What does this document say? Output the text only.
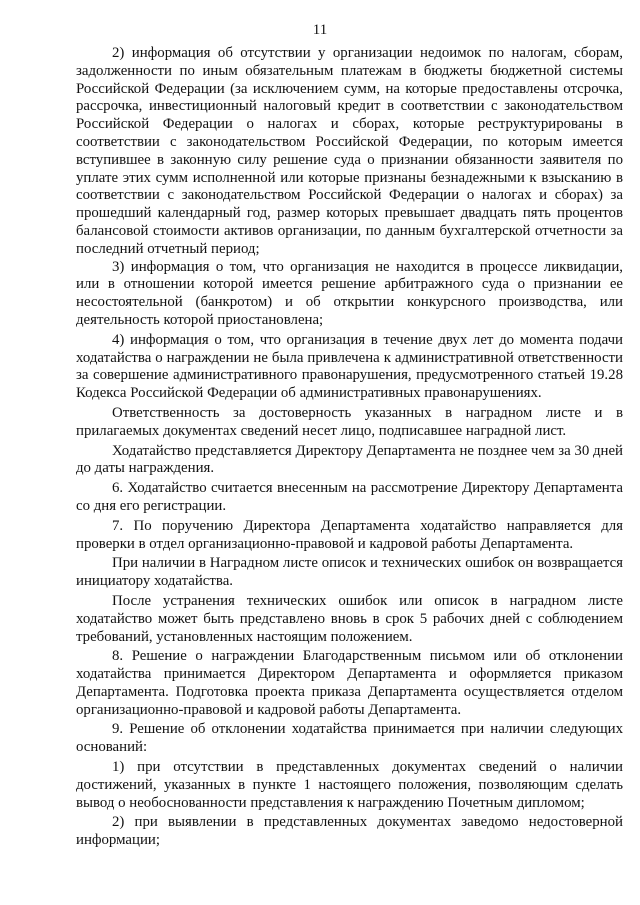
11

2) информация об отсутствии у организации недоимок по налогам, сборам, задолженности по иным обязательным платежам в бюджеты бюджетной системы Российской Федерации (за исключением сумм, на которые предоставлены отсрочка, рассрочка, инвестиционный налоговый кредит в соответствии с законодательством Российской Федерации о налогах и сборах, которые реструктурированы в соответствии с законодательством Российской Федерации, по которым имеется вступившее в законную силу решение суда о признании обязанности заявителя по уплате этих сумм исполненной или которые признаны безнадежными к взысканию в соответствии с законодательством Российской Федерации о налогах и сборах) за прошедший календарный год, размер которых превышает двадцать пять процентов балансовой стоимости активов организации, по данным бухгалтерской отчетности за последний отчетный период;

3) информация о том, что организация не находится в процессе ликвидации, или в отношении которой имеется решение арбитражного суда о признании ее несостоятельной (банкротом) и об открытии конкурсного производства, или деятельность которой приостановлена;

4) информация о том, что организация в течение двух лет до момента подачи ходатайства о награждении не была привлечена к административной ответственности за совершение административного правонарушения, предусмотренного статьей 19.28 Кодекса Российской Федерации об административных правонарушениях.

Ответственность за достоверность указанных в наградном листе и в прилагаемых документах сведений несет лицо, подписавшее наградной лист.

Ходатайство представляется Директору Департамента не позднее чем за 30 дней до даты награждения.

6. Ходатайство считается внесенным на рассмотрение Директору Департамента со дня его регистрации.

7. По поручению Директора Департамента ходатайство направляется для проверки в отдел организационно-правовой и кадровой работы Департамента.

При наличии в Наградном листе описок и технических ошибок он возвращается инициатору ходатайства.

После устранения технических ошибок или описок в наградном листе ходатайство может быть представлено вновь в срок 5 рабочих дней с соблюдением требований, установленных настоящим положением.

8. Решение о награждении Благодарственным письмом или об отклонении ходатайства принимается Директором Департамента и оформляется приказом Департамента. Подготовка проекта приказа Департамента осуществляется отделом организационно-правовой и кадровой работы Департамента.

9. Решение об отклонении ходатайства принимается при наличии следующих оснований:

1) при отсутствии в представленных документах сведений о наличии достижений, указанных в пункте 1 настоящего положения, позволяющим сделать вывод о необоснованности представления к награждению Почетным дипломом;

2) при выявлении в представленных документах заведомо недостоверной информации;
